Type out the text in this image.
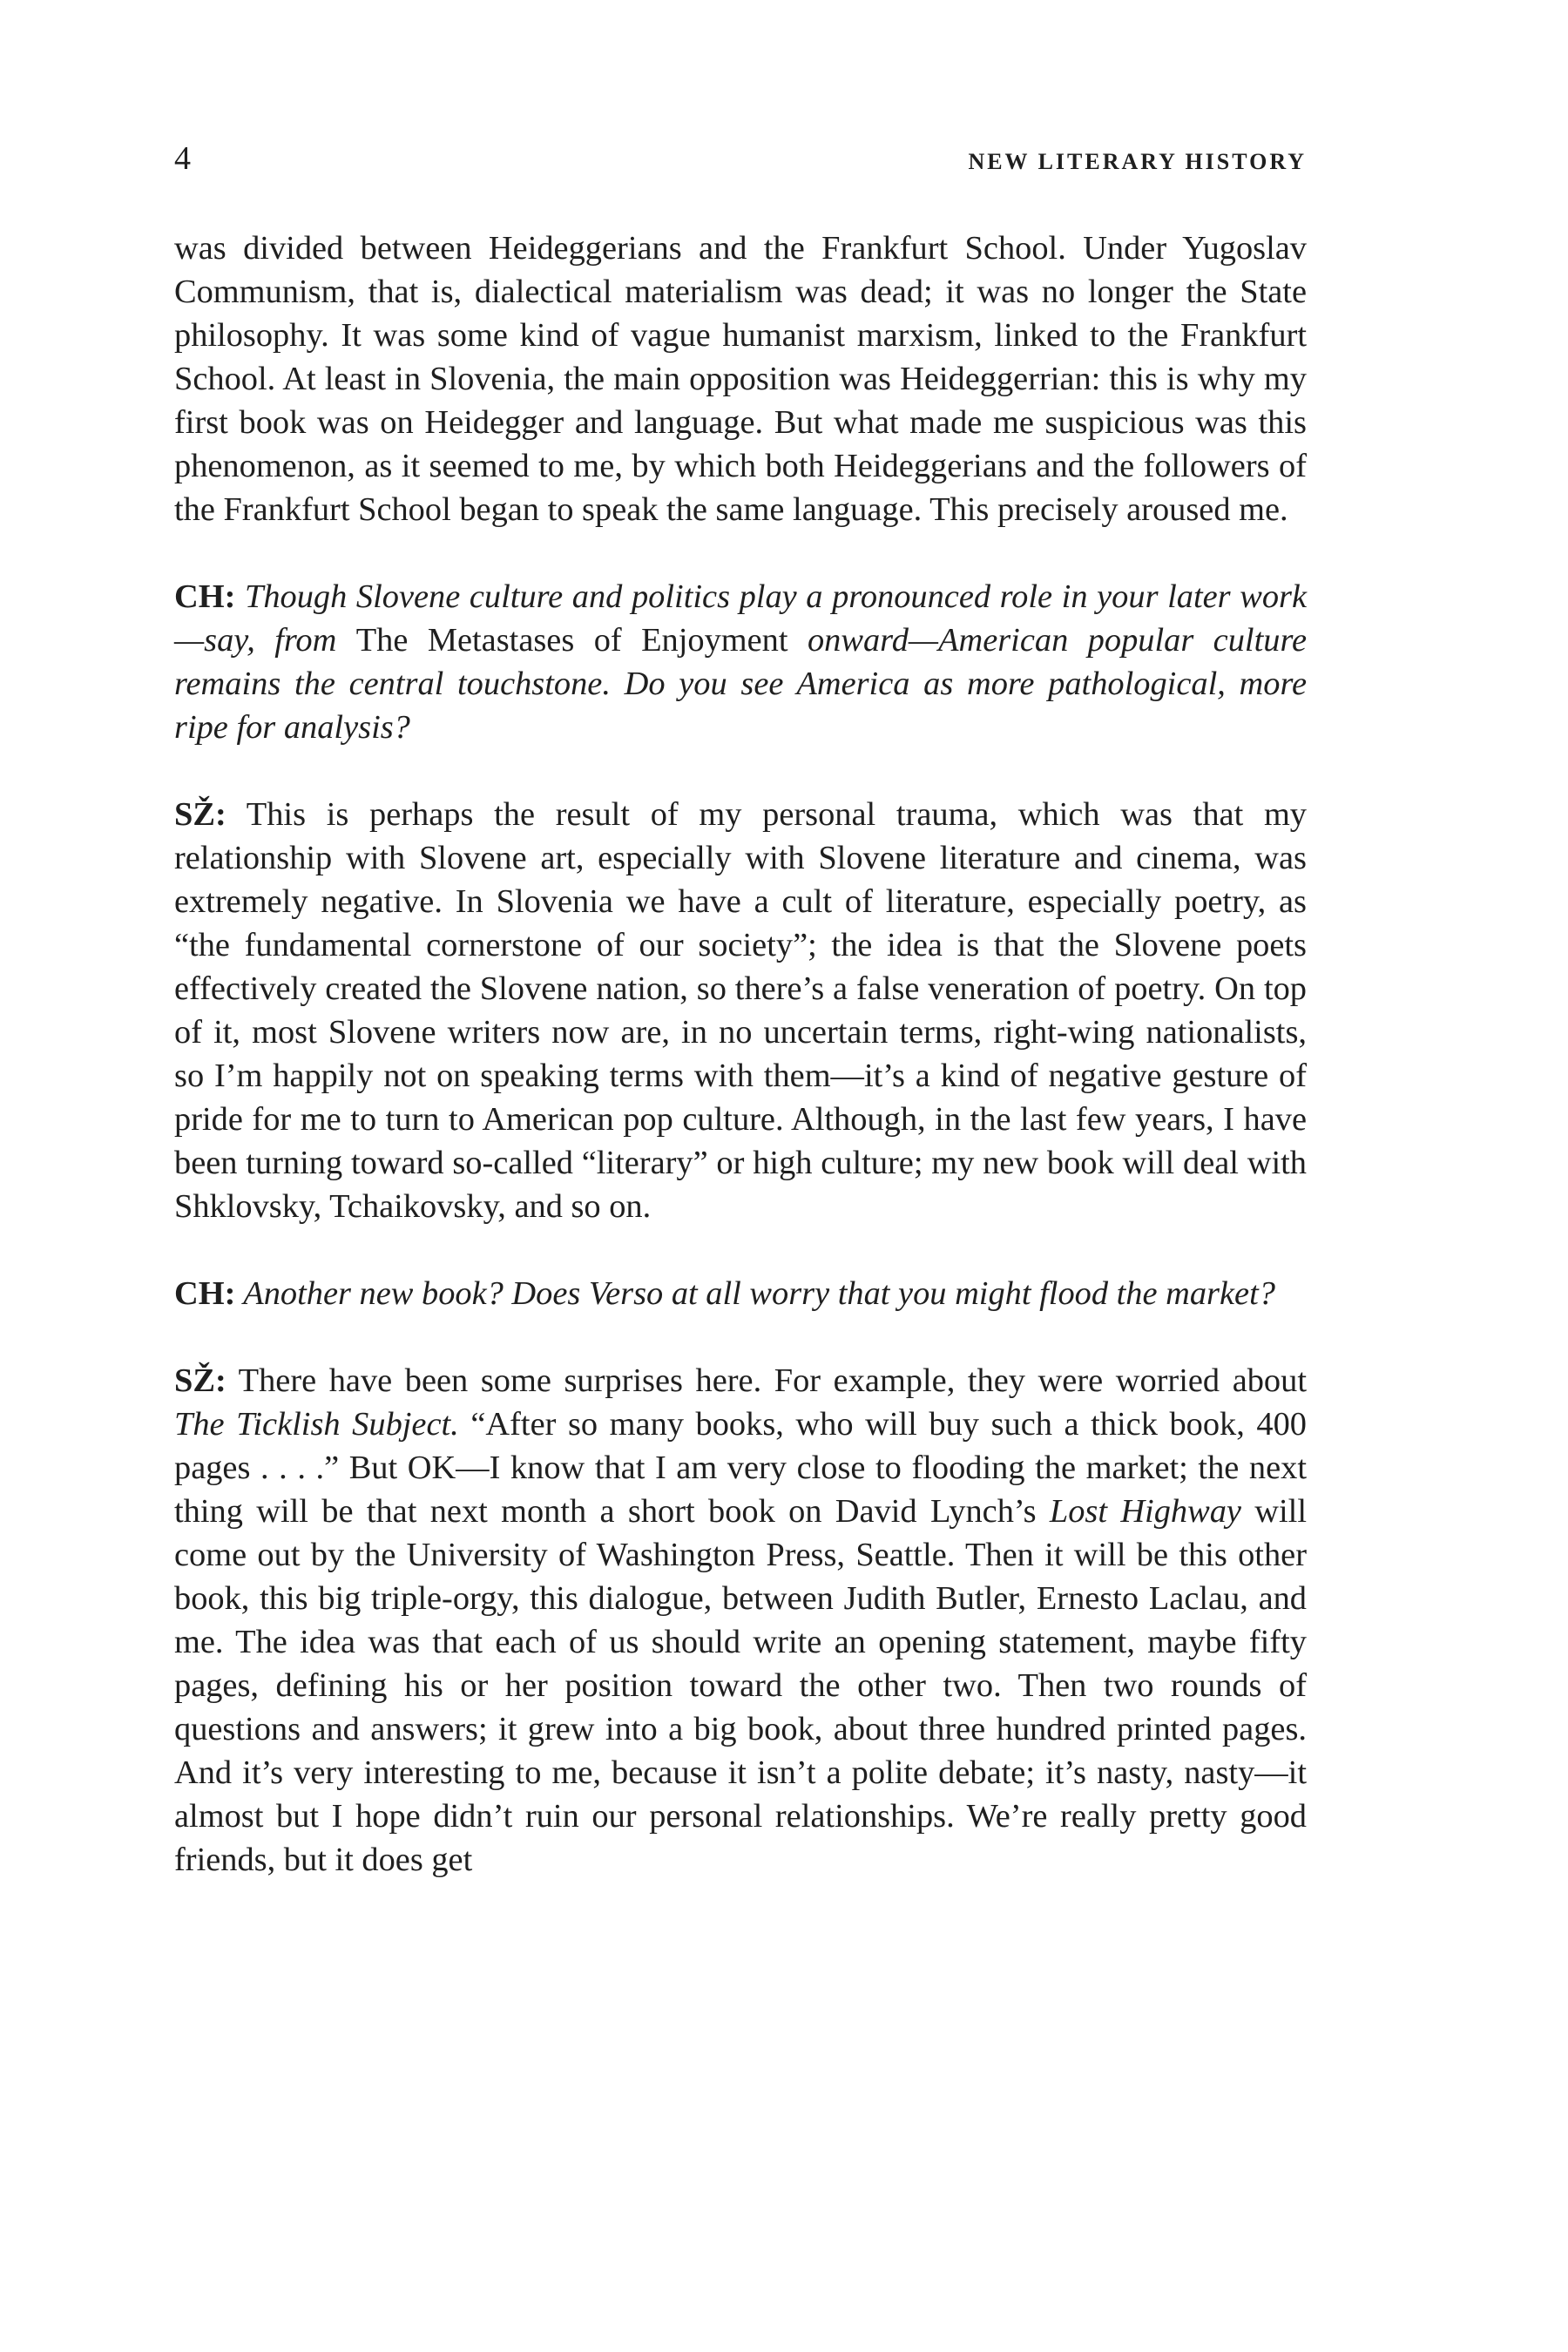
4	NEW LITERARY HISTORY

was divided between Heideggerians and the Frankfurt School. Under Yugoslav Communism, that is, dialectical materialism was dead; it was no longer the State philosophy. It was some kind of vague humanist marxism, linked to the Frankfurt School. At least in Slovenia, the main opposition was Heideggerrian: this is why my first book was on Heidegger and language. But what made me suspicious was this phenomenon, as it seemed to me, by which both Heideggerians and the followers of the Frankfurt School began to speak the same language. This precisely aroused me.

CH: Though Slovene culture and politics play a pronounced role in your later work—say, from The Metastases of Enjoyment onward—American popular culture remains the central touchstone. Do you see America as more pathological, more ripe for analysis?

SŽ: This is perhaps the result of my personal trauma, which was that my relationship with Slovene art, especially with Slovene literature and cinema, was extremely negative. In Slovenia we have a cult of literature, especially poetry, as “the fundamental cornerstone of our society”; the idea is that the Slovene poets effectively created the Slovene nation, so there’s a false veneration of poetry. On top of it, most Slovene writers now are, in no uncertain terms, right-wing nationalists, so I’m happily not on speaking terms with them—it’s a kind of negative gesture of pride for me to turn to American pop culture. Although, in the last few years, I have been turning toward so-called “literary” or high culture; my new book will deal with Shklovsky, Tchaikovsky, and so on.

CH: Another new book? Does Verso at all worry that you might flood the market?

SŽ: There have been some surprises here. For example, they were worried about The Ticklish Subject. “After so many books, who will buy such a thick book, 400 pages . . . .” But OK—I know that I am very close to flooding the market; the next thing will be that next month a short book on David Lynch’s Lost Highway will come out by the University of Washington Press, Seattle. Then it will be this other book, this big triple-orgy, this dialogue, between Judith Butler, Ernesto Laclau, and me. The idea was that each of us should write an opening statement, maybe fifty pages, defining his or her position toward the other two. Then two rounds of questions and answers; it grew into a big book, about three hundred printed pages. And it’s very interesting to me, because it isn’t a polite debate; it’s nasty, nasty—it almost but I hope didn’t ruin our personal relationships. We’re really pretty good friends, but it does get
